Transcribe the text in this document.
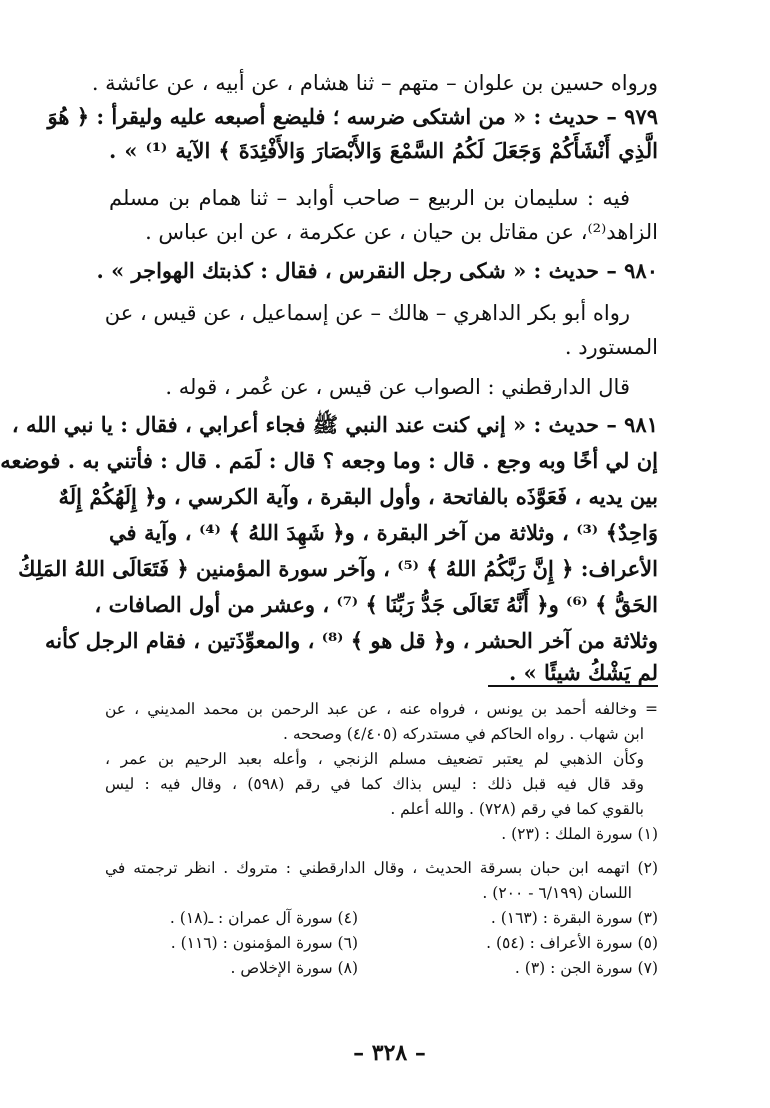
ورواه حسين بن علوان – متهم – ثنا هشام ، عن أبيه ، عن عائشة .
٩٧٩ – حديث : « من اشتكى ضرسه ؛ فليضع أصبعه عليه وليقرأ : ﴿ هُوَ
الَّذِي أَنْشَأَكُمْ وَجَعَلَ لَكُمُ السَّمْعَ وَالأَبْصَارَ وَالأَفْئِدَةَ ﴾ الآية ⁽¹⁾ » .
فيه : سليمان بن الربيع – صاحب أوابد – ثنا همام بن مسلم
الزاهد⁽²⁾، عن مقاتل بن حيان ، عن عكرمة ، عن ابن عباس .
٩٨٠ – حديث : « شكى رجل النقرس ، فقال : كذبتك الهواجر » .
رواه أبو بكر الداهري – هالك – عن إسماعيل ، عن قيس ، عن
المستورد .
قال الدارقطني : الصواب عن قيس ، عن عُمر ، قوله .
٩٨١ – حديث : « إني كنت عند النبي ﷺ فجاء أعرابي ، فقال : يا نبي الله ،
إن لي أخًا وبه وجع . قال : وما وجعه ؟ قال : لَمَم . قال : فأتني به . فوضعه
بين يديه ، فَعَوَّذَه بالفاتحة ، وأول البقرة ، وآية الكرسي ، و﴿ إِلَهُكُمْ إِلَهٌ
وَاحِدٌ﴾ ⁽³⁾ ، وثلاثة من آخر البقرة ، و﴿ شَهِدَ اللهُ ﴾ ⁽⁴⁾ ، وآية في
الأعراف: ﴿ إِنَّ رَبَّكُمُ اللهُ ﴾ ⁽⁵⁾ ، وآخر سورة المؤمنين ﴿ فَتَعَالَى اللهُ المَلِكُ
الحَقُّ ﴾ ⁽⁶⁾ و﴿ أَنَّهُ تَعَالَى جَدُّ رَبِّنَا ﴾ ⁽⁷⁾ ، وعشر من أول الصافات ،
وثلاثة من آخر الحشر ، و﴿ قل هو ﴾ ⁽⁸⁾ ، والمعوِّذَتين ، فقام الرجل كأنه
لم يَشْكُ شيئًا » .
= وخالفه أحمد بن يونس ، فرواه عنه ، عن عبد الرحمن بن محمد المديني ، عن
ابن شهاب . رواه الحاكم في مستدركه (٤/٤٠٥) وصححه .
وكأن الذهبي لم يعتبر تضعيف مسلم الزنجي ، وأعله بعبد الرحيم بن عمر ،
وقد قال فيه قبل ذلك : ليس بذاك كما في رقم (٥٩٨) ، وقال فيه : ليس
بالقوي كما في رقم (٧٢٨) . والله أعلم .
(١) سورة الملك : (٢٣) .
(٢) اتهمه ابن حبان بسرقة الحديث ، وقال الدارقطني : متروك . انظر ترجمته في
اللسان (٦/١٩٩ - ٢٠٠) .
(٣) سورة البقرة : (١٦٣) .
(٤) سورة آل عمران : ـ(١٨) .
(٥) سورة الأعراف : (٥٤) .
(٦) سورة المؤمنون : (١١٦) .
(٧) سورة الجن : (٣) .
(٨) سورة الإخلاص .
– ٣٢٨ –
